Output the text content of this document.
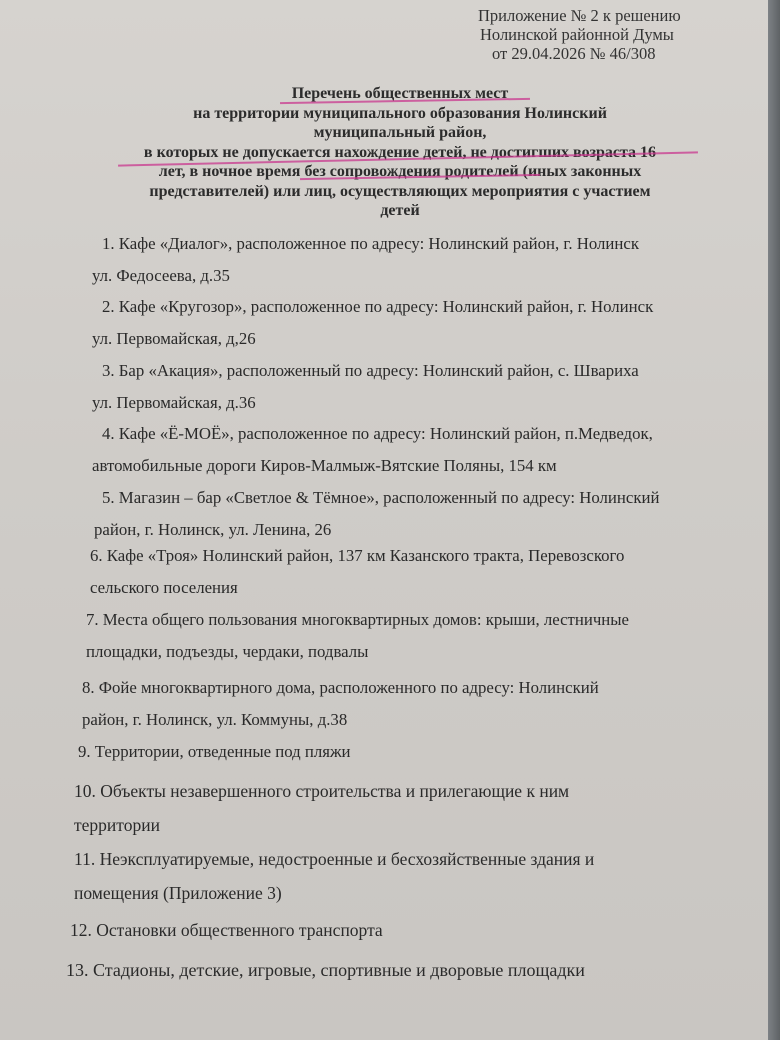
Приложение № 2 к решению
Нолинской районной Думы
от 29.04.2026 № 46/308
Перечень общественных мест
на территории муниципального образования Нолинский
муниципальный район,
в которых не допускается нахождение детей, не достигших возраста 16
лет, в ночное время без сопровождения родителей (иных законных
представителей) или лиц, осуществляющих мероприятия с участием
детей
1. Кафе «Диалог», расположенное по адресу: Нолинский район, г. Нолинск
ул. Федосеева, д.35
2. Кафе «Кругозор», расположенное по адресу: Нолинский район, г. Нолинск
ул. Первомайская, д,26
3. Бар «Акация», расположенный по адресу: Нолинский район, с. Швариха
ул. Первомайская, д.36
4. Кафе «Ё-МОЁ», расположенное по адресу: Нолинский район, п.Медведок,
автомобильные дороги Киров-Малмыж-Вятские Поляны, 154 км
5. Магазин – бар «Светлое & Тёмное», расположенный по адресу: Нолинский
район, г. Нолинск, ул. Ленина, 26
6. Кафе «Троя» Нолинский район, 137 км Казанского тракта, Перевозского
сельского поселения
7. Места общего пользования многоквартирных домов: крыши, лестничные
площадки, подъезды, чердаки, подвалы
8. Фойе многоквартирного дома, расположенного по адресу: Нолинский
район, г. Нолинск, ул. Коммуны, д.38
9. Территории, отведенные под пляжи
10. Объекты незавершенного строительства и прилегающие к ним
территории
11. Неэксплуатируемые, недостроенные и бесхозяйственные здания и
помещения (Приложение 3)
12. Остановки общественного транспорта
13. Стадионы, детские, игровые, спортивные и дворовые площадки
